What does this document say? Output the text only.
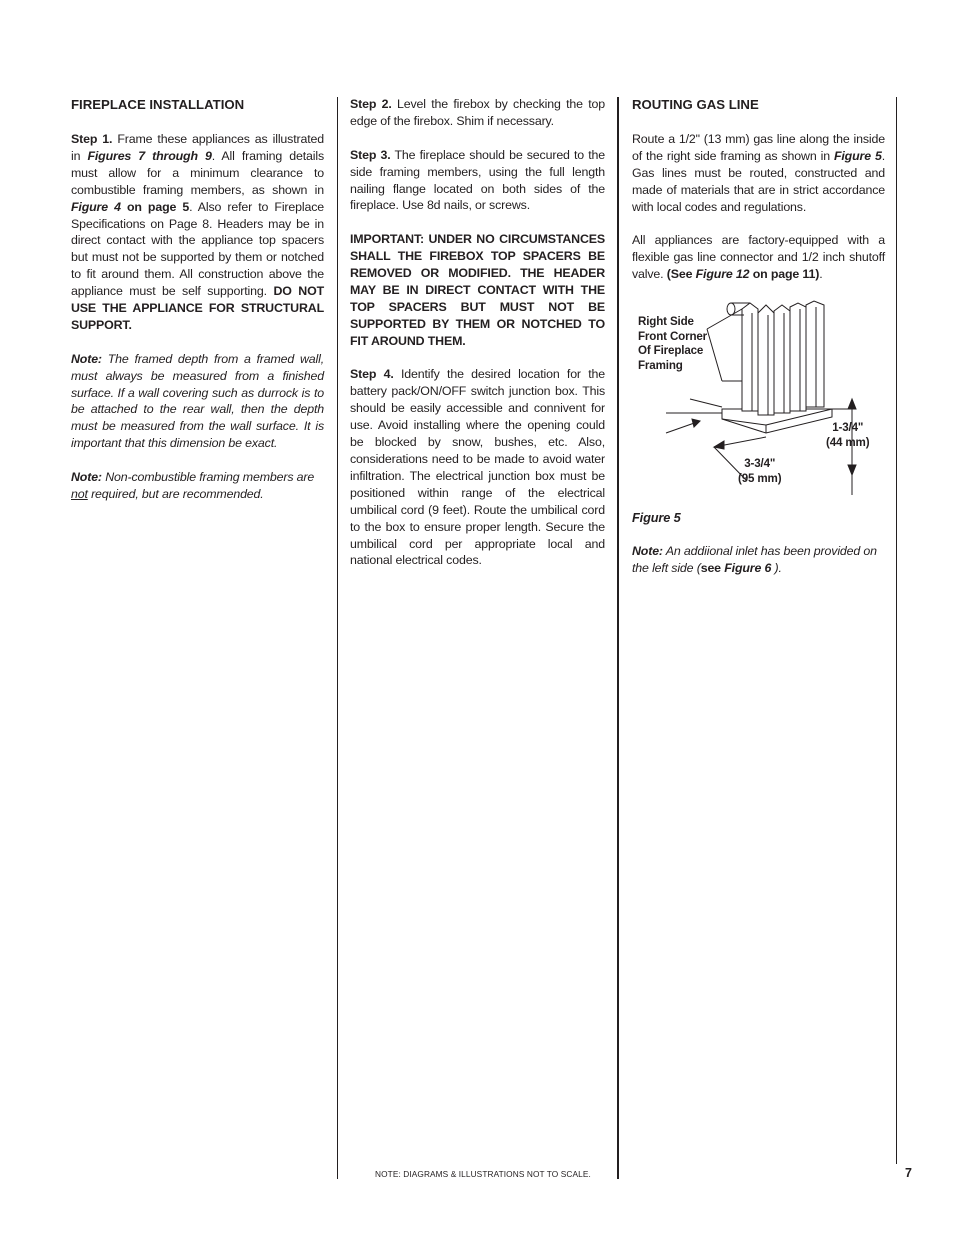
FIREPLACE INSTALLATION

Step 1. Frame these appliances as illustrated in Figures 7 through 9. All framing details must allow for a minimum clearance to combustible framing members, as shown in Figure 4 on page 5. Also refer to Fireplace Specifications on Page 8. Headers may be in direct contact with the appliance top spacers but must not be supported by them or notched to fit around them. All construction above the appliance must be self supporting. DO NOT USE THE APPLIANCE FOR STRUCTURAL SUPPORT.

Note: The framed depth from a framed wall, must always be measured from a finished surface. If a wall covering such as durrock is to be attached to the rear wall, then the depth must be measured from the wall surface. It is important that this dimension be exact.

Note: Non-combustible framing members are not required, but are recommended.

Step 2. Level the firebox by checking the top edge of the firebox. Shim if necessary.

Step 3. The fireplace should be secured to the side framing members, using the full length nailing flange located on both sides of the fireplace. Use 8d nails, or screws.

IMPORTANT: UNDER NO CIRCUMSTANCES SHALL THE FIREBOX TOP SPACERS BE REMOVED OR MODIFIED. THE HEADER MAY BE IN DIRECT CONTACT WITH THE TOP SPACERS BUT MUST NOT BE SUPPORTED BY THEM OR NOTCHED TO FIT AROUND THEM.

Step 4. Identify the desired location for the battery pack/ON/OFF switch junction box. This should be easily accessible and connivent for use. Avoid installing where the opening could be blocked by snow, bushes, etc. Also, considerations need to be made to avoid water infiltration. The electrical junction box must be positioned within range of the electrical umbilical cord (9 feet). Route the umbilical cord to the box to ensure proper length. Secure the umbilical cord per appropriate local and national electrical codes.

ROUTING GAS LINE

Route a 1/2" (13 mm) gas line along the inside of the right side framing as shown in Figure 5. Gas lines must be routed, constructed and made of materials that are in strict accordance with local codes and regulations.

All appliances are factory-equipped with a flexible gas line connector and 1/2 inch shutoff valve. (See Figure 12 on page 11).

Right Side
Front Corner
Of Fireplace
Framing
1-3/4"
(44 mm)
3-3/4"
(95 mm)
Figure 5

Note: An addiional inlet has been provided on the left side (see Figure 6 ).

NOTE: DIAGRAMS & ILLUSTRATIONS NOT TO SCALE.	7
